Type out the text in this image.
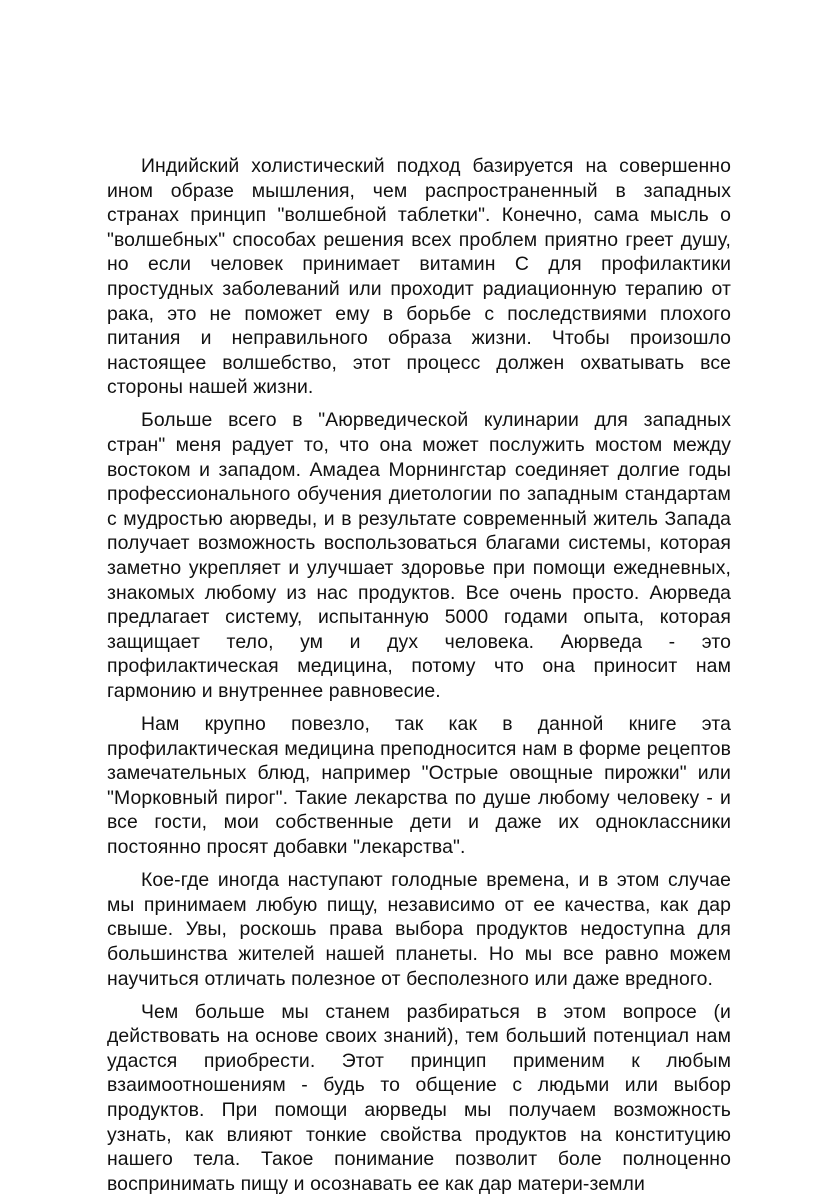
Индийский холистический подход базируется на совершенно ином образе мышления, чем распространенный в западных странах принцип "волшебной таблетки". Конечно, сама мысль о "волшебных" способах решения всех проблем приятно греет душу, но если человек принимает витамин С для профилактики простудных заболеваний или проходит радиационную терапию от рака, это не поможет ему в борьбе с последствиями плохого питания и неправильного образа жизни. Чтобы произошло настоящее волшебство, этот процесс должен охватывать все стороны нашей жизни.

Больше всего в "Аюрведической кулинарии для западных стран" меня радует то, что она может послужить мостом между востоком и западом. Амадеа Морнингстар соединяет долгие годы профессионального обучения диетологии по западным стандартам с мудростью аюрведы, и в результате современный житель Запада получает возможность воспользоваться благами системы, которая заметно укрепляет и улучшает здоровье при помощи ежедневных, знакомых любому из нас продуктов. Все очень просто. Аюрведа предлагает систему, испытанную 5000 годами опыта, которая защищает тело, ум и дух человека. Аюрведа - это профилактическая медицина, потому что она приносит нам гармонию и внутреннее равновесие.

Нам крупно повезло, так как в данной книге эта профилактическая медицина преподносится нам в форме рецептов замечательных блюд, например "Острые овощные пирожки" или "Морковный пирог". Такие лекарства по душе любому человеку - и все гости, мои собственные дети и даже их одноклассники постоянно просят добавки "лекарства".

Кое-где иногда наступают голодные времена, и в этом случае мы принимаем любую пищу, независимо от ее качества, как дар свыше. Увы, роскошь права выбора продуктов недоступна для большинства жителей нашей планеты. Но мы все равно можем научиться отличать полезное от бесполезного или даже вредного.

Чем больше мы станем разбираться в этом вопросе (и действовать на основе своих знаний), тем больший потенциал нам удастся приобрести. Этот принцип применим к любым взаимоотношениям - будь то общение с людьми или выбор продуктов. При помощи аюрведы мы получаем возможность узнать, как влияют тонкие свойства продуктов на конституцию нашего тела. Такое понимание позволит боле полноценно воспринимать пищу и осознавать ее как дар матери-земли
